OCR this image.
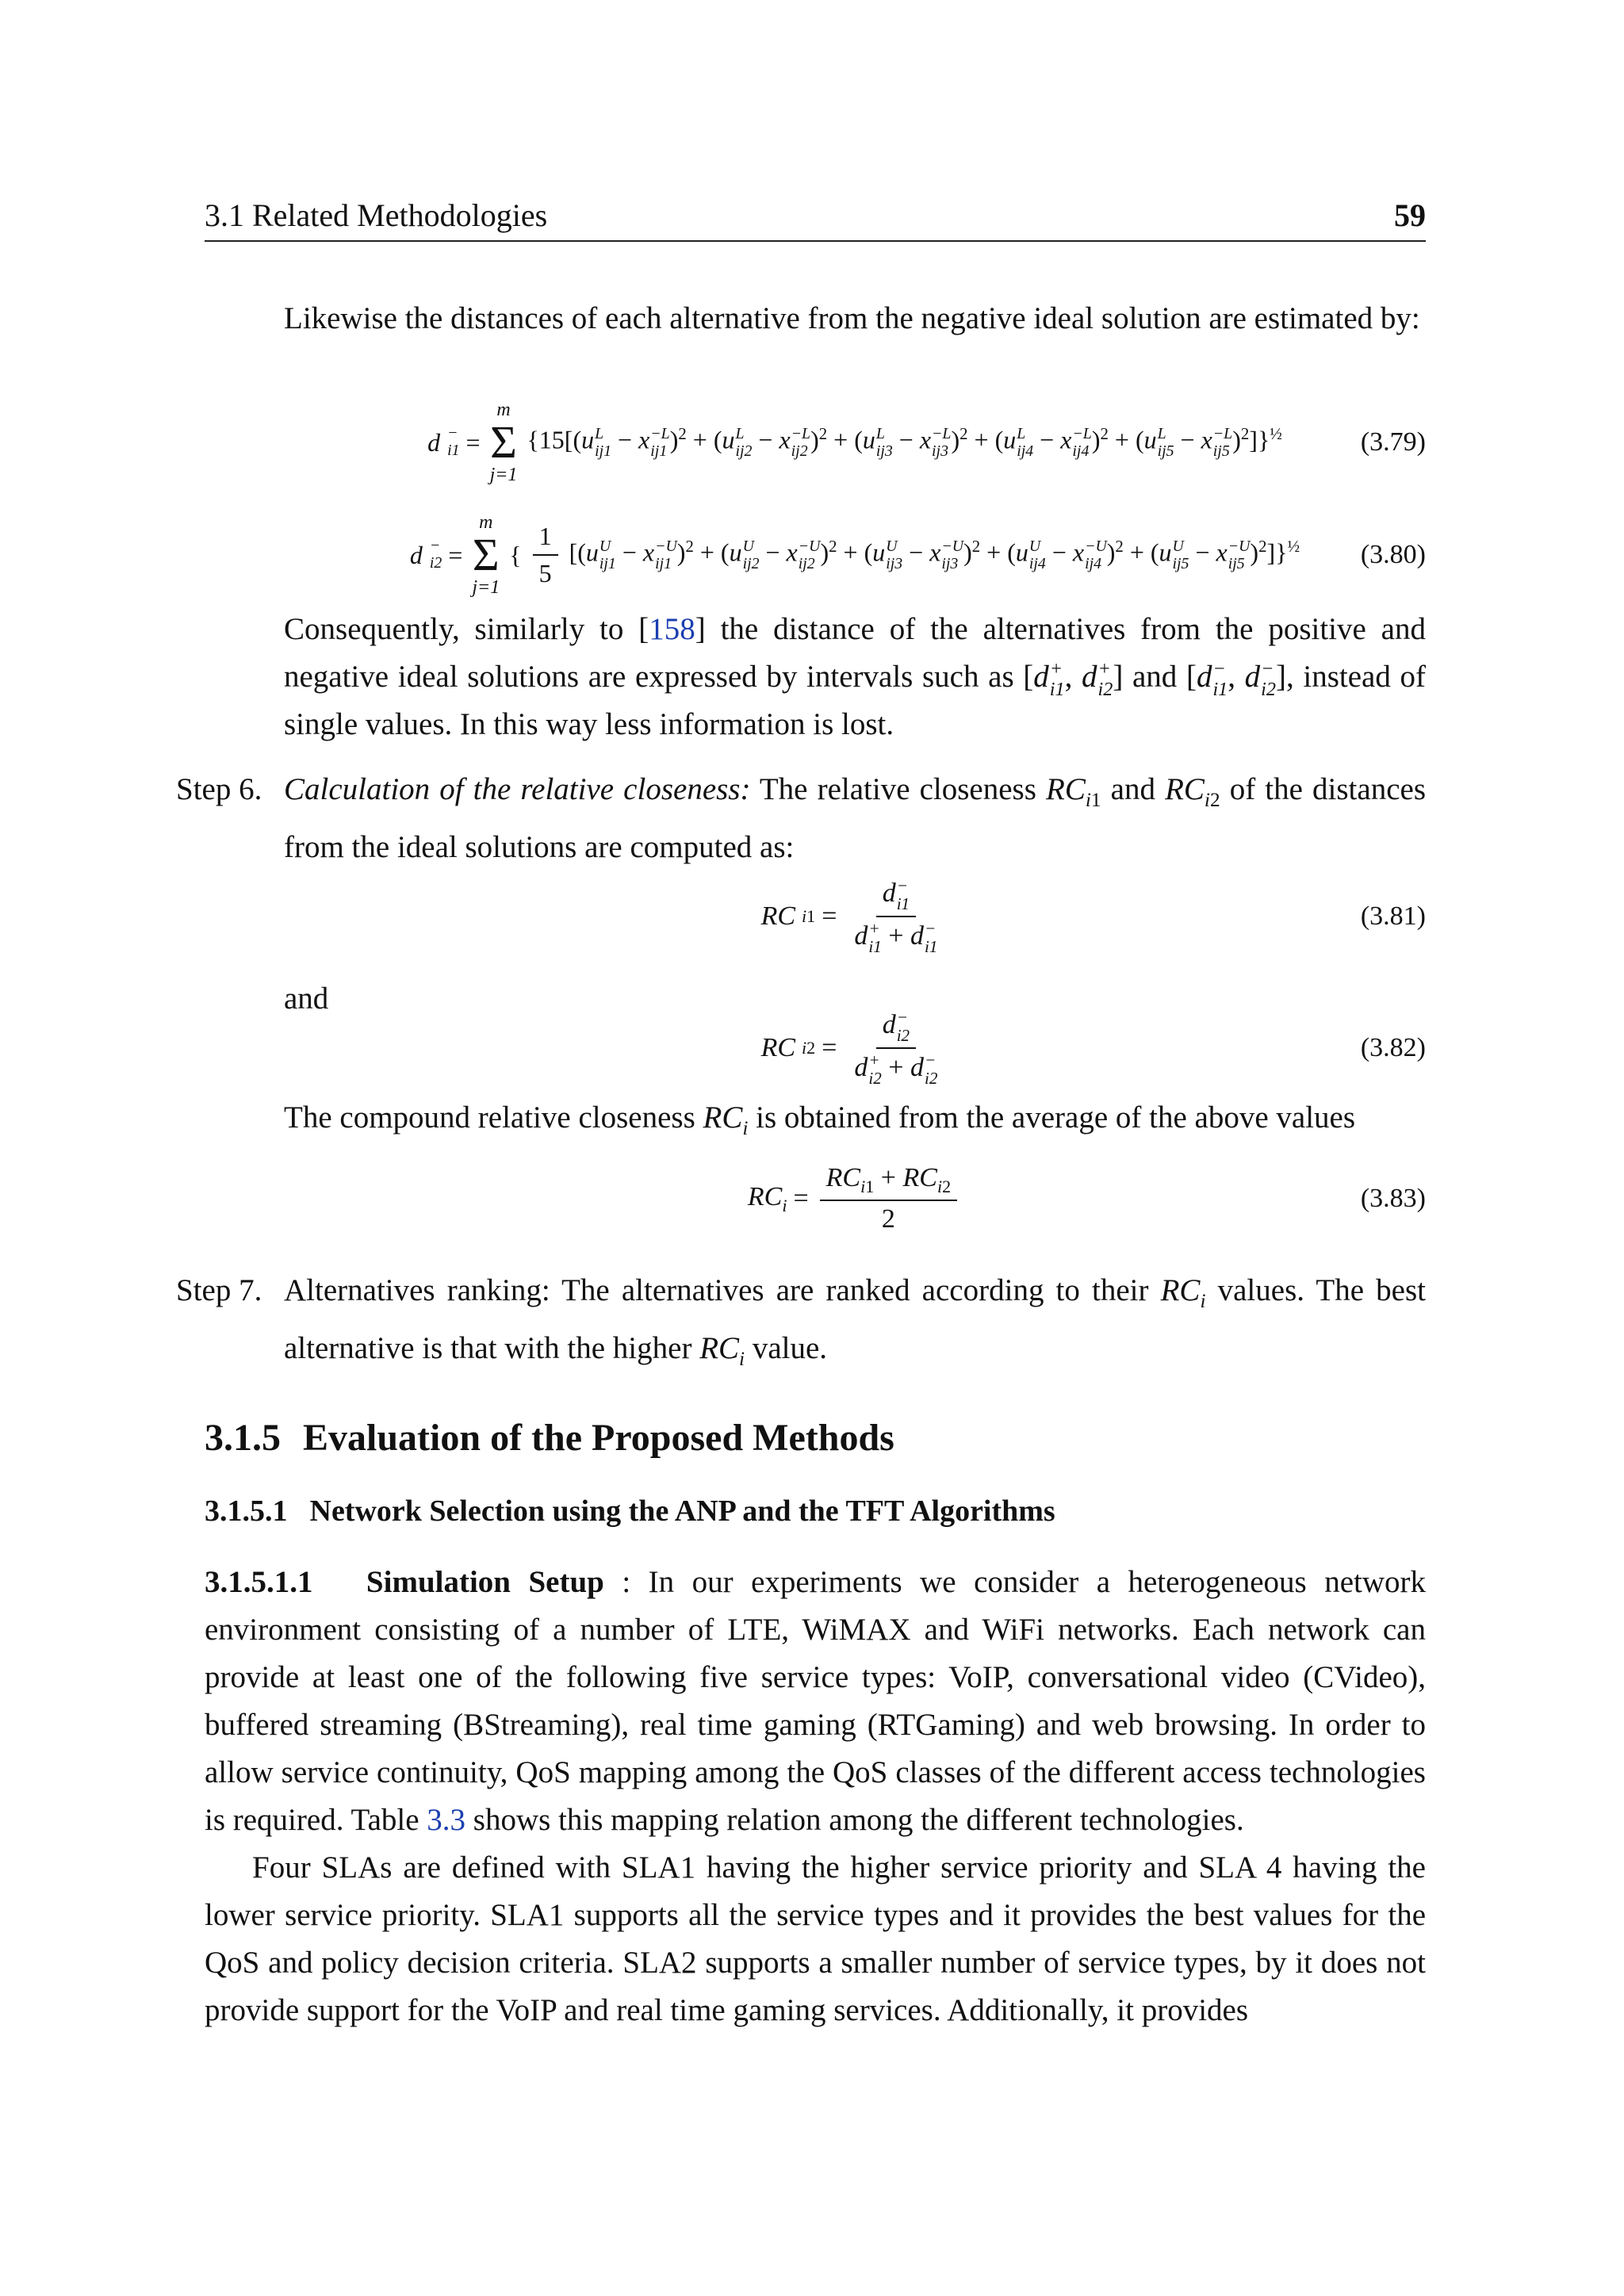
3.1 Related Methodologies	59
Likewise the distances of each alternative from the negative ideal solution are estimated by:
d −
i1 =
m
Σ
j=1
{15[(u L
ij1 − x −L
ij1 )$^2$ + (u L
ij2 − x −L
ij2 )$^2$ + (u L
ij3 − x −L
ij3 )$^2$ + (u L
ij4 − x −L
ij4 )$^2$ + (u L
ij5 − x −L
ij5 )$^2$]}$^{\frac{1}{2}}$	(3.79)
d −
i2 =
m
Σ
j=1
{ $\frac{1}{5} [(u$ U
ij1 − x −U
ij1 )$^2$ + (u U
ij2 − x −U
ij2 )$^2$ + (u U
ij3 − x −U
ij3 )$^2$ + (u U
ij4 − x −U
ij4 )$^2$ + (u U
ij5 − x −U
ij5 )$^2$]}$^{\frac{1}{2}}$ (3.80)
Consequently, similarly to [158] the distance of the alternatives from the positive and negative ideal solutions are expressed by intervals such as [d +
i1 , d +
i2 ] and [d −
i1 , d −
i2 ], instead of single values. In this way less information is lost.
Step 6. Calculation of the relative closeness: The relative closeness $RC_{i1}$ and $RC_{i2}$ of the distances from the ideal solutions are computed as:
RC i1 = d −
i1
d +
i1 + d −
i1	(3.81)
and
RC i2 = d −
i2
d +
i2 + d −
i2	(3.82)
The compound relative closeness $RC_i$ is obtained from the average of the above values
$RC_i = \frac{RC_{i1} + RC_{i2}}{2}$	(3.83)
Step 7. Alternatives ranking: The alternatives are ranked according to their $RC_i$ values. The best alternative is that with the higher $RC_i$ value.
3.1.5 Evaluation of the Proposed Methods
3.1.5.1 Network Selection using the ANP and the TFT Algorithms
3.1.5.1.1   Simulation Setup : In our experiments we consider a heterogeneous network environment consisting of a number of LTE, WiMAX and WiFi networks. Each network can provide at least one of the following five service types: VoIP, conversational video (CVideo), buffered streaming (BStreaming), real time gaming (RTGaming) and web browsing. In order to allow service continuity, QoS mapping among the QoS classes of the different access technologies is required. Table 3.3 shows this mapping relation among the different technologies.
Four SLAs are defined with SLA1 having the higher service priority and SLA 4 having the lower service priority. SLA1 supports all the service types and it provides the best values for the QoS and policy decision criteria. SLA2 supports a smaller number of service types, by it does not provide support for the VoIP and real time gaming services. Additionally, it provides
